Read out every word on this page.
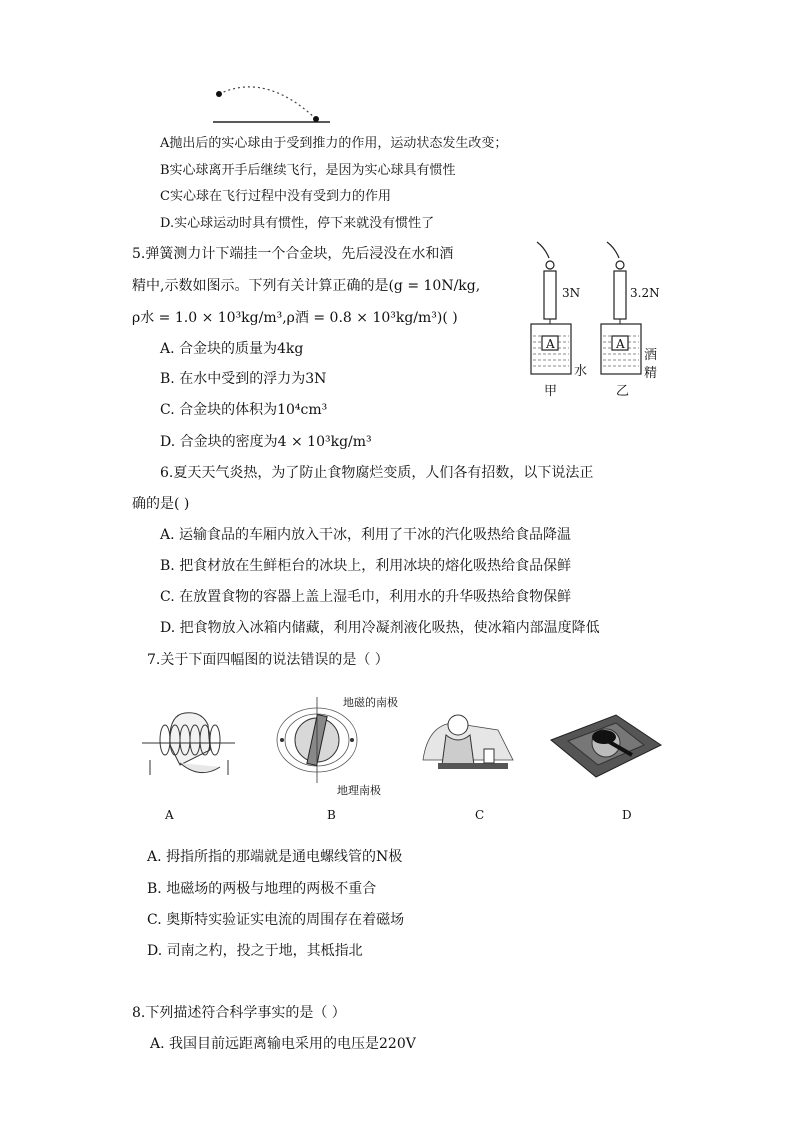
A抛出后的实心球由于受到推力的作用，运动状态发生改变；
B实心球离开手后继续飞行，是因为实心球具有惯性
C实心球在飞行过程中没有受到力的作用
D.实心球运动时具有惯性，停下来就没有惯性了
5.弹簧测力计下端挂一个合金块，先后浸没在水和酒
精中,示数如图示。下列有关计算正确的是(g = 10N/kg,
ρ水 = 1.0 × 10³kg/m³,ρ酒 = 0.8 × 10³kg/m³)( )
A. 合金块的质量为4kg
B. 在水中受到的浮力为3N
C. 合金块的体积为10⁴cm³
D. 合金块的密度为4 × 10³kg/m³
3N	3.2N
A	A
水
酒
精
甲	乙
6.夏天天气炎热，为了防止食物腐烂变质，人们各有招数，以下说法正
确的是( )
A. 运输食品的车厢内放入干冰，利用了干冰的汽化吸热给食品降温
B. 把食材放在生鲜柜台的冰块上，利用冰块的熔化吸热给食品保鲜
C. 在放置食物的容器上盖上湿毛巾，利用水的升华吸热给食物保鲜
D. 把食物放入冰箱内储藏，利用冷凝剂液化吸热，使冰箱内部温度降低
7.关于下面四幅图的说法错误的是（ ）
地磁的南极
地理南极
A	B	C	D
A. 拇指所指的那端就是通电螺线管的N极
B. 地磁场的两极与地理的两极不重合
C. 奥斯特实验证实电流的周围存在着磁场
D. 司南之杓，投之于地，其柢指北
8.下列描述符合科学事实的是（ ）
A. 我国目前远距离输电采用的电压是220V
